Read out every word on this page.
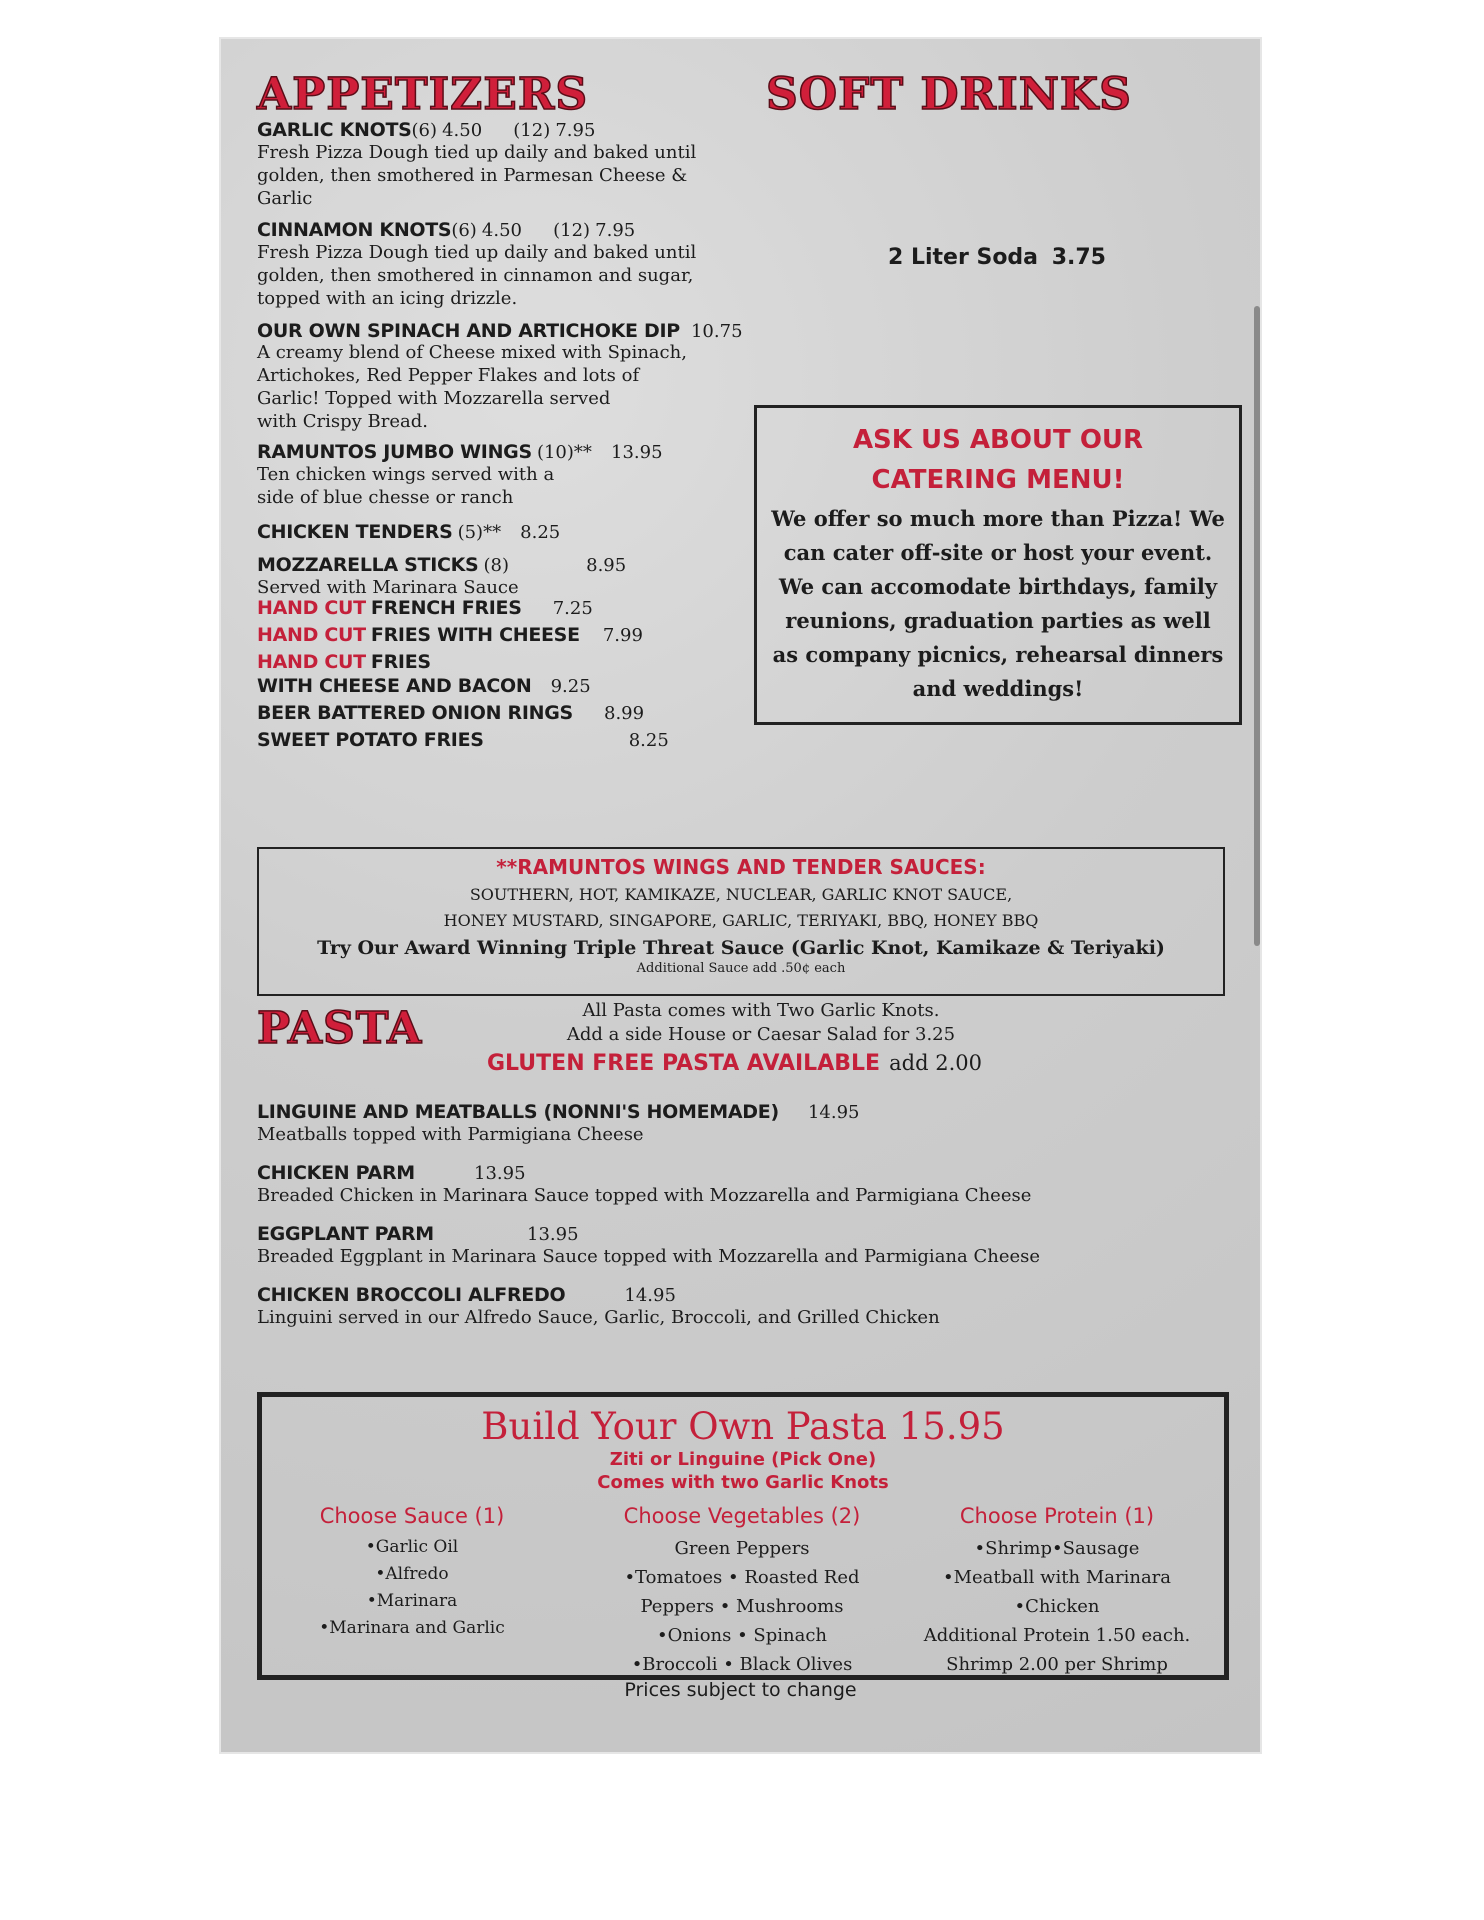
APPETIZERS
GARLIC KNOTS(6) 4.50 (12) 7.95
Fresh Pizza Dough tied up daily and baked until
golden, then smothered in Parmesan Cheese &
Garlic
CINNAMON KNOTS(6) 4.50 (12) 7.95
Fresh Pizza Dough tied up daily and baked until
golden, then smothered in cinnamon and sugar,
topped with an icing drizzle.
OUR OWN SPINACH AND ARTICHOKE DIP 10.75
A creamy blend of Cheese mixed with Spinach,
Artichokes, Red Pepper Flakes and lots of
Garlic! Topped with Mozzarella served
with Crispy Bread.
RAMUNTOS JUMBO WINGS (10)** 13.95
Ten chicken wings served with a
side of blue chesse or ranch
CHICKEN TENDERS (5)** 8.25
MOZZARELLA STICKS (8)	8.95
Served with Marinara Sauce
HAND CUT FRENCH FRIES 7.25
HAND CUT FRIES WITH CHEESE 7.99
HAND CUT FRIES
WITH CHEESE AND BACON 9.25
BEER BATTERED ONION RINGS 8.99
SWEET POTATO FRIES	8.25
SOFT DRINKS
2 Liter Soda 3.75
ASK US ABOUT OUR
CATERING MENU!
We offer so much more than Pizza! We
can cater off-site or host your event.
We can accomodate birthdays, family
reunions, graduation parties as well
as company picnics, rehearsal dinners
and weddings!
**RAMUNTOS WINGS AND TENDER SAUCES:
SOUTHERN, HOT, KAMIKAZE, NUCLEAR, GARLIC KNOT SAUCE,
HONEY MUSTARD, SINGAPORE, GARLIC, TERIYAKI, BBQ, HONEY BBQ
Try Our Award Winning Triple Threat Sauce (Garlic Knot, Kamikaze & Teriyaki)
Additional Sauce add .50¢ each
PASTA	All Pasta comes with Two Garlic Knots.
Add a side House or Caesar Salad for 3.25
GLUTEN FREE PASTA AVAILABLE add 2.00
LINGUINE AND MEATBALLS (NONNI'S HOMEMADE) 14.95
Meatballs topped with Parmigiana Cheese
CHICKEN PARM	13.95
Breaded Chicken in Marinara Sauce topped with Mozzarella and Parmigiana Cheese
EGGPLANT PARM	13.95
Breaded Eggplant in Marinara Sauce topped with Mozzarella and Parmigiana Cheese
CHICKEN BROCCOLI ALFREDO	14.95
Linguini served in our Alfredo Sauce, Garlic, Broccoli, and Grilled Chicken
Build Your Own Pasta 15.95
Ziti or Linguine (Pick One)
Comes with two Garlic Knots
Choose Sauce (1)
•Garlic Oil
•Alfredo
•Marinara
•Marinara and Garlic
Choose Vegetables (2)
Green Peppers
•Tomatoes • Roasted Red
Peppers • Mushrooms
•Onions • Spinach
•Broccoli • Black Olives
Choose Protein (1)
•Shrimp•Sausage
•Meatball with Marinara
•Chicken
Additional Protein 1.50 each.
Shrimp 2.00 per Shrimp
Prices subject to change
